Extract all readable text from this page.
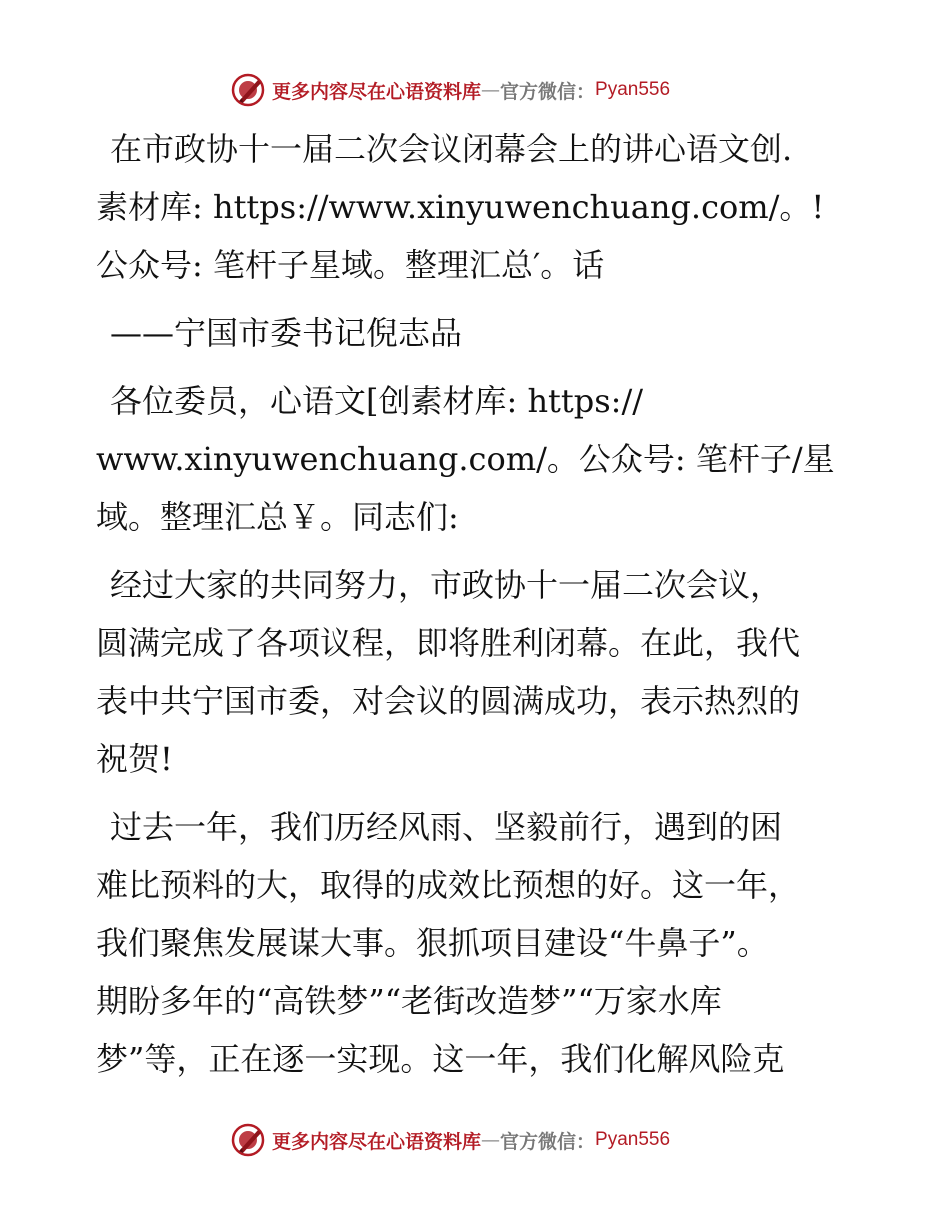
更多内容尽在心语资料库 — 官方微信： Pyan556
在市政协十一届二次会议闭幕会上的讲心语文创.
素材库: https://www.xinyuwenchuang.com/。!
公众号: 笔杆子星域。整理汇总′。话
——宁国市委书记倪志品
各位委员，心语文[创素材库: https://
www.xinyuwenchuang.com/。公众号: 笔杆子/星
域。整理汇总￥。同志们:
经过大家的共同努力，市政协十一届二次会议，
圆满完成了各项议程，即将胜利闭幕。在此，我代
表中共宁国市委，对会议的圆满成功，表示热烈的
祝贺!
过去一年，我们历经风雨、坚毅前行，遇到的困
难比预料的大，取得的成效比预想的好。这一年，
我们聚焦发展谋大事。狠抓项目建设“牛鼻子”。
期盼多年的“高铁梦”“老街改造梦”“万家水库
梦”等，正在逐一实现。这一年，我们化解风险克
更多内容尽在心语资料库 — 官方微信： Pyan556
